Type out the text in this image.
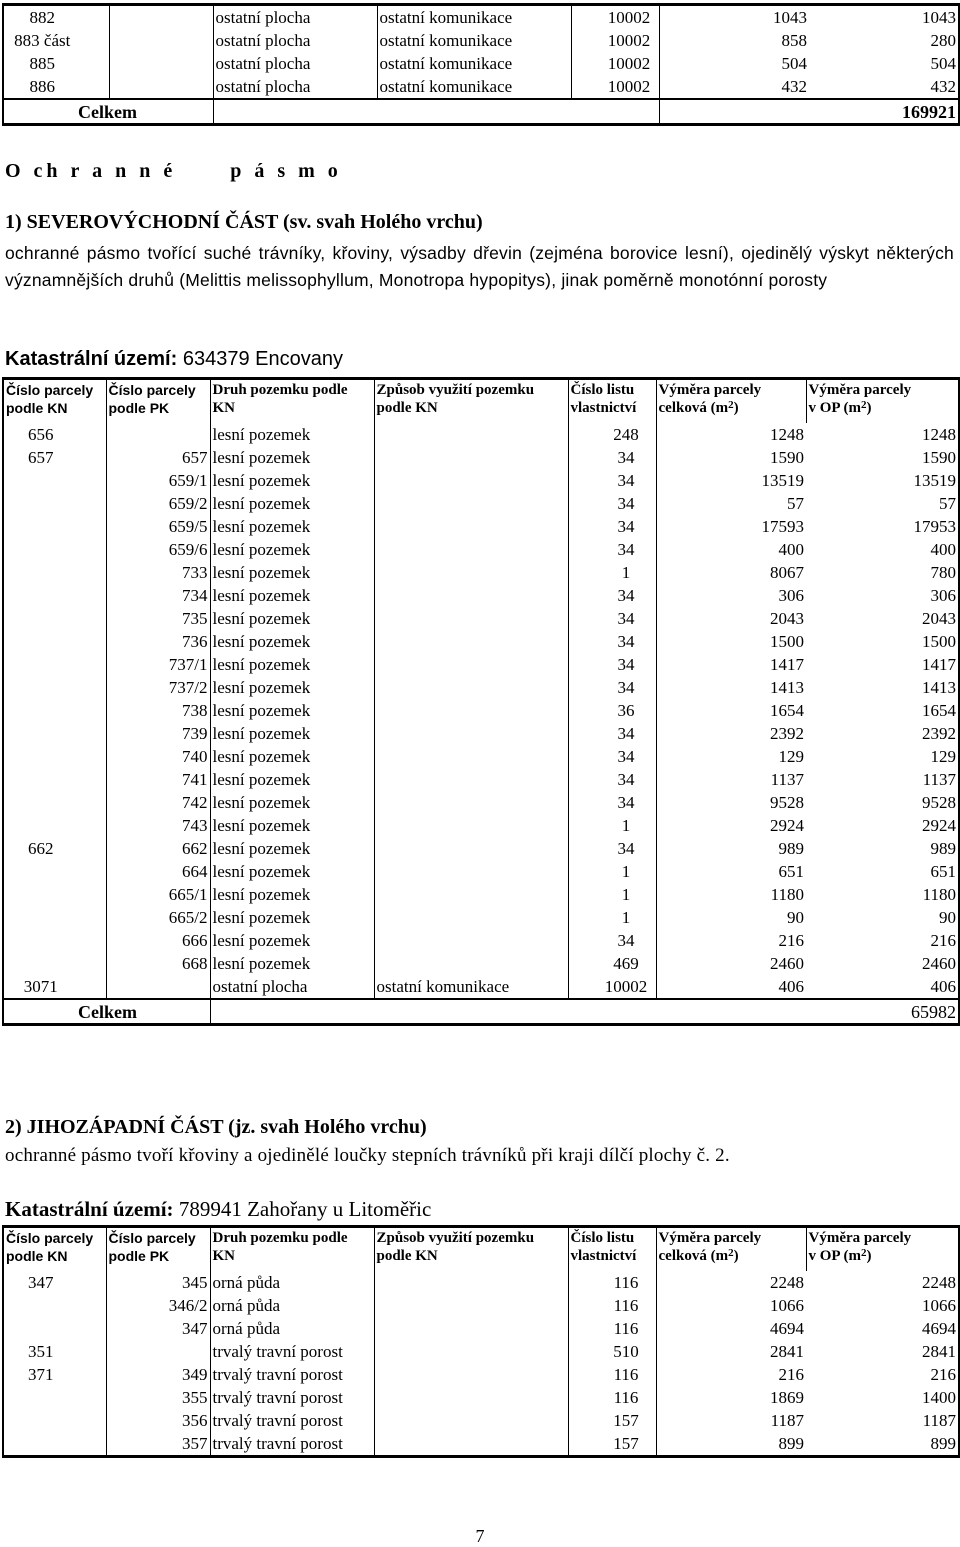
882		ostatní plocha	ostatní komunikace	10002	1043	1043
883 část		ostatní plocha	ostatní komunikace	10002	858	280
885		ostatní plocha	ostatní komunikace	10002	504	504
886		ostatní plocha	ostatní komunikace	10002	432	432
Celkem					169921	

O ch r a n n é      p á s m o

1) SEVEROVÝCHODNÍ ČÁST (sv. svah Holého vrchu)

ochranné pásmo tvořící suché trávníky, křoviny, výsadby dřevin (zejména borovice lesní), ojedinělý výskyt některých významnějších druhů (Melittis melissophyllum, Monotropa hypopitys), jinak poměrně monotónní porosty

Katastrální území: 634379 Encovany

Číslo parcely
podle KN	Číslo parcely
podle PK	Druh pozemku podle
KN	Způsob využití pozemku
podle KN	Číslo listu
vlastnictví	Výměra parcely
celková $(m^2)$	Výměra parcely
v OP $(m^2)$

656		lesní pozemek		248	1248	1248
657	657	lesní pozemek		34	1590	1590
	659/1	lesní pozemek		34	13519	13519
	659/2	lesní pozemek		34	57	57
	659/5	lesní pozemek		34	17593	17953
	659/6	lesní pozemek		34	400	400
	733	lesní pozemek		1	8067	780
	734	lesní pozemek		34	306	306
	735	lesní pozemek		34	2043	2043
	736	lesní pozemek		34	1500	1500
	737/1	lesní pozemek		34	1417	1417
	737/2	lesní pozemek		34	1413	1413
	738	lesní pozemek		36	1654	1654
	739	lesní pozemek		34	2392	2392
	740	lesní pozemek		34	129	129
	741	lesní pozemek		34	1137	1137
	742	lesní pozemek		34	9528	9528
	743	lesní pozemek		1	2924	2924
662	662	lesní pozemek		34	989	989
	664	lesní pozemek		1	651	651
	665/1	lesní pozemek		1	1180	1180
	665/2	lesní pozemek		1	90	90
	666	lesní pozemek		34	216	216
	668	lesní pozemek		469	2460	2460
3071		ostatní plocha	ostatní komunikace	10002	406	406
Celkem					65982	

2) JIHOZÁPADNÍ ČÁST (jz. svah Holého vrchu)

ochranné pásmo tvoří křoviny a ojedinělé loučky stepních trávníků při kraji dílčí plochy č. 2.

Katastrální území: 789941 Zahořany u Litoměřic

Číslo parcely
podle KN	Číslo parcely
podle PK	Druh pozemku podle
KN	Způsob využití pozemku
podle KN	Číslo listu
vlastnictví	Výměra parcely
celková $(m^2)$	Výměra parcely
v OP $(m^2)$

347	345	orná půda		116	2248	2248
	346/2	orná půda		116	1066	1066
	347	orná půda		116	4694	4694
351		trvalý travní porost		510	2841	2841
371	349	trvalý travní porost		116	216	216
	355	trvalý travní porost		116	1869	1400
	356	trvalý travní porost		157	1187	1187
	357	trvalý travní porost		157	899	899
7
